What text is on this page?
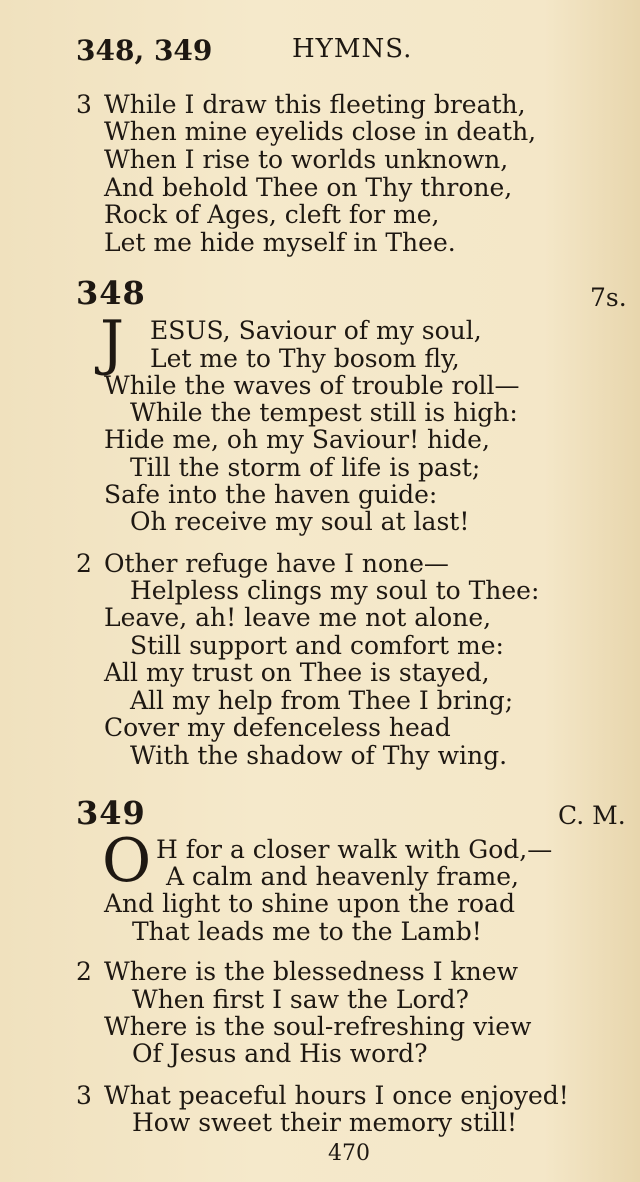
348, 349	HYMNS.
3 While I draw this fleeting breath,
When mine eyelids close in death,
When I rise to worlds unknown,
And behold Thee on Thy throne,
Rock of Ages, cleft for me,
Let me hide myself in Thee.
348	7s.
J ESUS, Saviour of my soul,
Let me to Thy bosom fly,
While the waves of trouble roll—
While the tempest still is high:
Hide me, oh my Saviour! hide,
Till the storm of life is past;
Safe into the haven guide:
Oh receive my soul at last!
2 Other refuge have I none—
Helpless clings my soul to Thee:
Leave, ah! leave me not alone,
Still support and comfort me:
All my trust on Thee is stayed,
All my help from Thee I bring;
Cover my defenceless head
With the shadow of Thy wing.
349	C. M.
O H for a closer walk with God,—
A calm and heavenly frame,
And light to shine upon the road
That leads me to the Lamb!
2 Where is the blessedness I knew
When first I saw the Lord?
Where is the soul-refreshing view
Of Jesus and His word?
3 What peaceful hours I once enjoyed!
How sweet their memory still!
470
